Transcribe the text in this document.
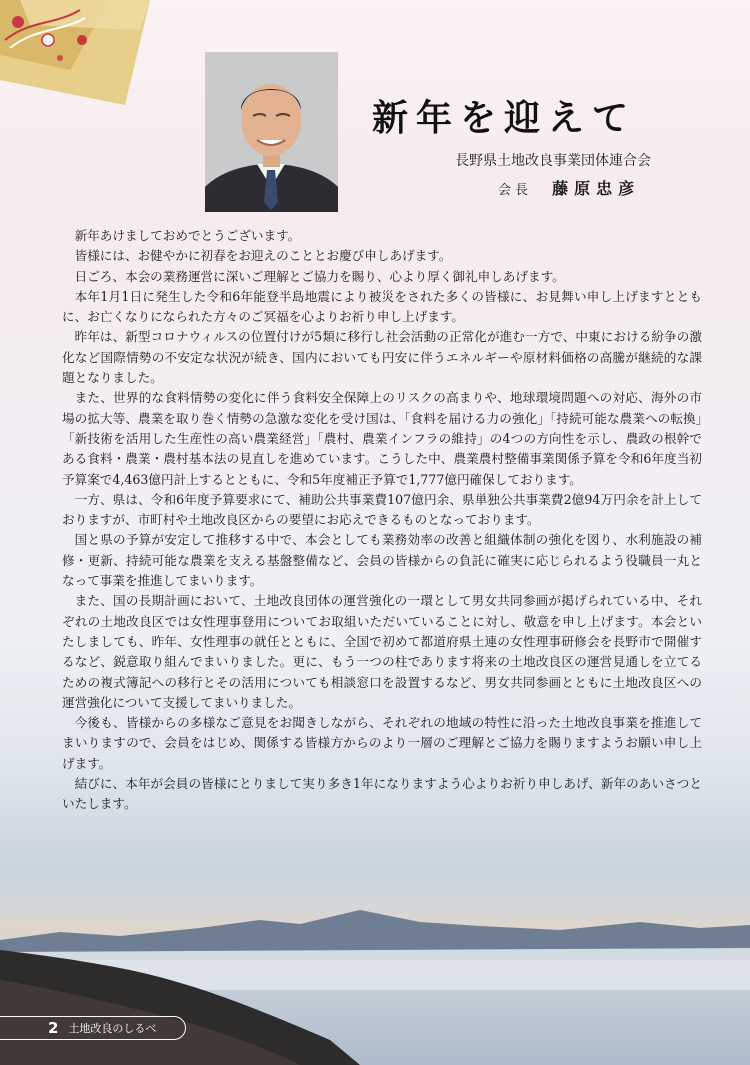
新年を迎えて
長野県土地改良事業団体連合会
会長 藤原忠彦

新年あけましておめでとうございます。

皆様には、お健やかに初春をお迎えのこととお慶び申しあげます。

日ごろ、本会の業務運営に深いご理解とご協力を賜り、心より厚く御礼申しあげます。

本年1月1日に発生した令和6年能登半島地震により被災をされた多くの皆様に、お見舞い申し上げますとともに、お亡くなりになられた方々のご冥福を心よりお祈り申し上げます。

昨年は、新型コロナウィルスの位置付けが5類に移行し社会活動の正常化が進む一方で、中東における紛争の激化など国際情勢の不安定な状況が続き、国内においても円安に伴うエネルギーや原材料価格の高騰が継続的な課題となりました。

また、世界的な食料情勢の変化に伴う食料安全保障上のリスクの高まりや、地球環境問題への対応、海外の市場の拡大等、農業を取り巻く情勢の急激な変化を受け国は、「食料を届ける力の強化」「持続可能な農業への転換」「新技術を活用した生産性の高い農業経営」「農村、農業インフラの維持」の4つの方向性を示し、農政の根幹である食料・農業・農村基本法の見直しを進めています。こうした中、農業農村整備事業関係予算を令和6年度当初予算案で4,463億円計上するとともに、令和5年度補正予算で1,777億円確保しております。

一方、県は、令和6年度予算要求にて、補助公共事業費107億円余、県単独公共事業費2億94万円余を計上しておりますが、市町村や土地改良区からの要望にお応えできるものとなっております。

国と県の予算が安定して推移する中で、本会としても業務効率の改善と組織体制の強化を図り、水利施設の補修・更新、持続可能な農業を支える基盤整備など、会員の皆様からの負託に確実に応じられるよう役職員一丸となって事業を推進してまいります。

また、国の長期計画において、土地改良団体の運営強化の一環として男女共同参画が掲げられている中、それぞれの土地改良区では女性理事登用についてお取組いただいていることに対し、敬意を申し上げます。本会といたしましても、昨年、女性理事の就任とともに、全国で初めて都道府県土連の女性理事研修会を長野市で開催するなど、鋭意取り組んでまいりました。更に、もう一つの柱であります将来の土地改良区の運営見通しを立てるための複式簿記への移行とその活用についても相談窓口を設置するなど、男女共同参画とともに土地改良区への運営強化について支援してまいりました。

今後も、皆様からの多様なご意見をお聞きしながら、それぞれの地域の特性に沿った土地改良事業を推進してまいりますので、会員をはじめ、関係する皆様方からのより一層のご理解とご協力を賜りますようお願い申し上げます。

結びに、本年が会員の皆様にとりまして実り多き1年になりますよう心よりお祈り申しあげ、新年のあいさつといたします。

2 土地改良のしるべ
